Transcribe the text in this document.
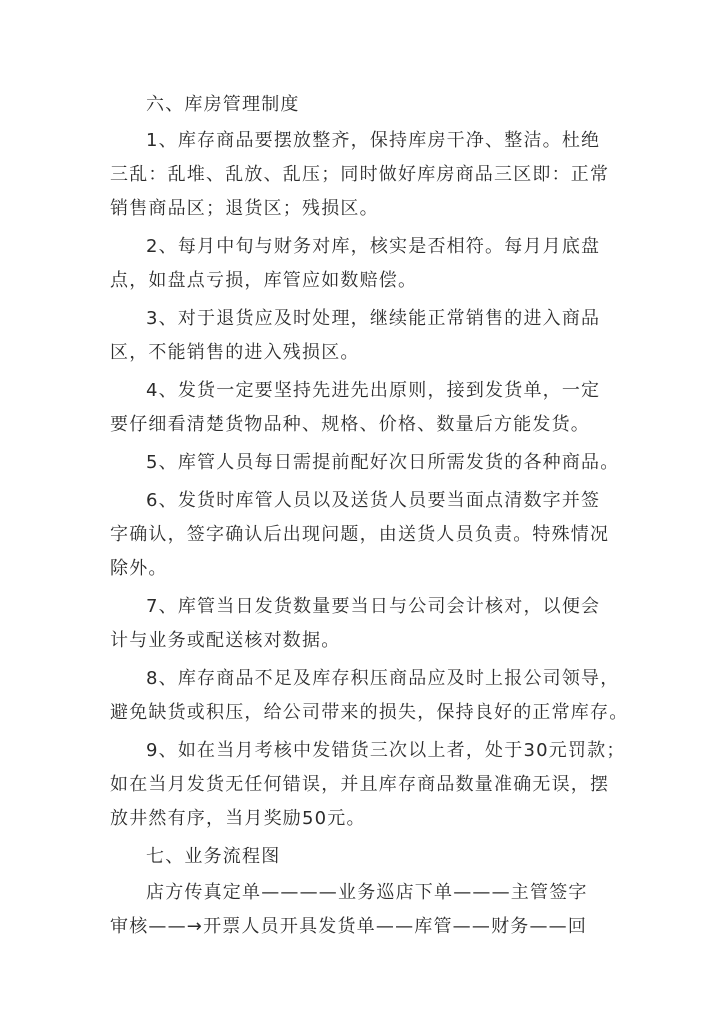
六、库房管理制度
1、库存商品要摆放整齐，保持库房干净、整洁。杜绝
三乱：乱堆、乱放、乱压；同时做好库房商品三区即：正常
销售商品区；退货区；残损区。
2、每月中旬与财务对库，核实是否相符。每月月底盘
点，如盘点亏损，库管应如数赔偿。
3、对于退货应及时处理，继续能正常销售的进入商品
区，不能销售的进入残损区。
4、发货一定要坚持先进先出原则，接到发货单，一定
要仔细看清楚货物品种、规格、价格、数量后方能发货。
5、库管人员每日需提前配好次日所需发货的各种商品。
6、发货时库管人员以及送货人员要当面点清数字并签
字确认，签字确认后出现问题，由送货人员负责。特殊情况
除外。
7、库管当日发货数量要当日与公司会计核对，以便会
计与业务或配送核对数据。
8、库存商品不足及库存积压商品应及时上报公司领导，
避免缺货或积压，给公司带来的损失，保持良好的正常库存。
9、如在当月考核中发错货三次以上者，处于30元罚款；
如在当月发货无任何错误，并且库存商品数量准确无误，摆
放井然有序，当月奖励50元。
七、业务流程图
店方传真定单————业务巡店下单———主管签字
审核——→开票人员开具发货单——库管——财务——回
